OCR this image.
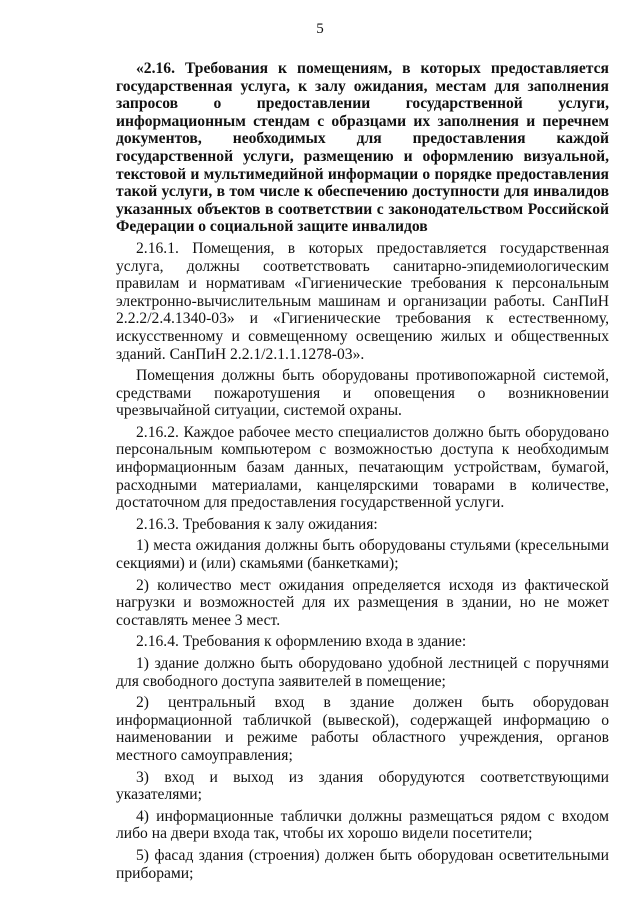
5

«2.16. Требования к помещениям, в которых предоставляется государственная услуга, к залу ожидания, местам для заполнения запросов о предоставлении государственной услуги, информационным стендам с образцами их заполнения и перечнем документов, необходимых для предоставления каждой государственной услуги, размещению и оформлению визуальной, текстовой и мультимедийной информации о порядке предоставления такой услуги, в том числе к обеспечению доступности для инвалидов указанных объектов в соответствии с законодательством Российской Федерации о социальной защите инвалидов

2.16.1. Помещения, в которых предоставляется государственная услуга, должны соответствовать санитарно-эпидемиологическим правилам и нормативам «Гигиенические требования к персональным электронно-вычислительным машинам и организации работы. СанПиН 2.2.2/2.4.1340-03» и «Гигиенические требования к естественному, искусственному и совмещенному освещению жилых и общественных зданий. СанПиН 2.2.1/2.1.1.1278-03».

Помещения должны быть оборудованы противопожарной системой, средствами пожаротушения и оповещения о возникновении чрезвычайной ситуации, системой охраны.

2.16.2. Каждое рабочее место специалистов должно быть оборудовано персональным компьютером с возможностью доступа к необходимым информационным базам данных, печатающим устройствам, бумагой, расходными материалами, канцелярскими товарами в количестве, достаточном для предоставления государственной услуги.

2.16.3. Требования к залу ожидания:

1) места ожидания должны быть оборудованы стульями (кресельными секциями) и (или) скамьями (банкетками);

2) количество мест ожидания определяется исходя из фактической нагрузки и возможностей для их размещения в здании, но не может составлять менее 3 мест.

2.16.4. Требования к оформлению входа в здание:

1) здание должно быть оборудовано удобной лестницей с поручнями для свободного доступа заявителей в помещение;

2) центральный вход в здание должен быть оборудован информационной табличкой (вывеской), содержащей информацию о наименовании и режиме работы областного учреждения, органов местного самоуправления;

3) вход и выход из здания оборудуются соответствующими указателями;

4) информационные таблички должны размещаться рядом с входом либо на двери входа так, чтобы их хорошо видели посетители;

5) фасад здания (строения) должен быть оборудован осветительными приборами;
